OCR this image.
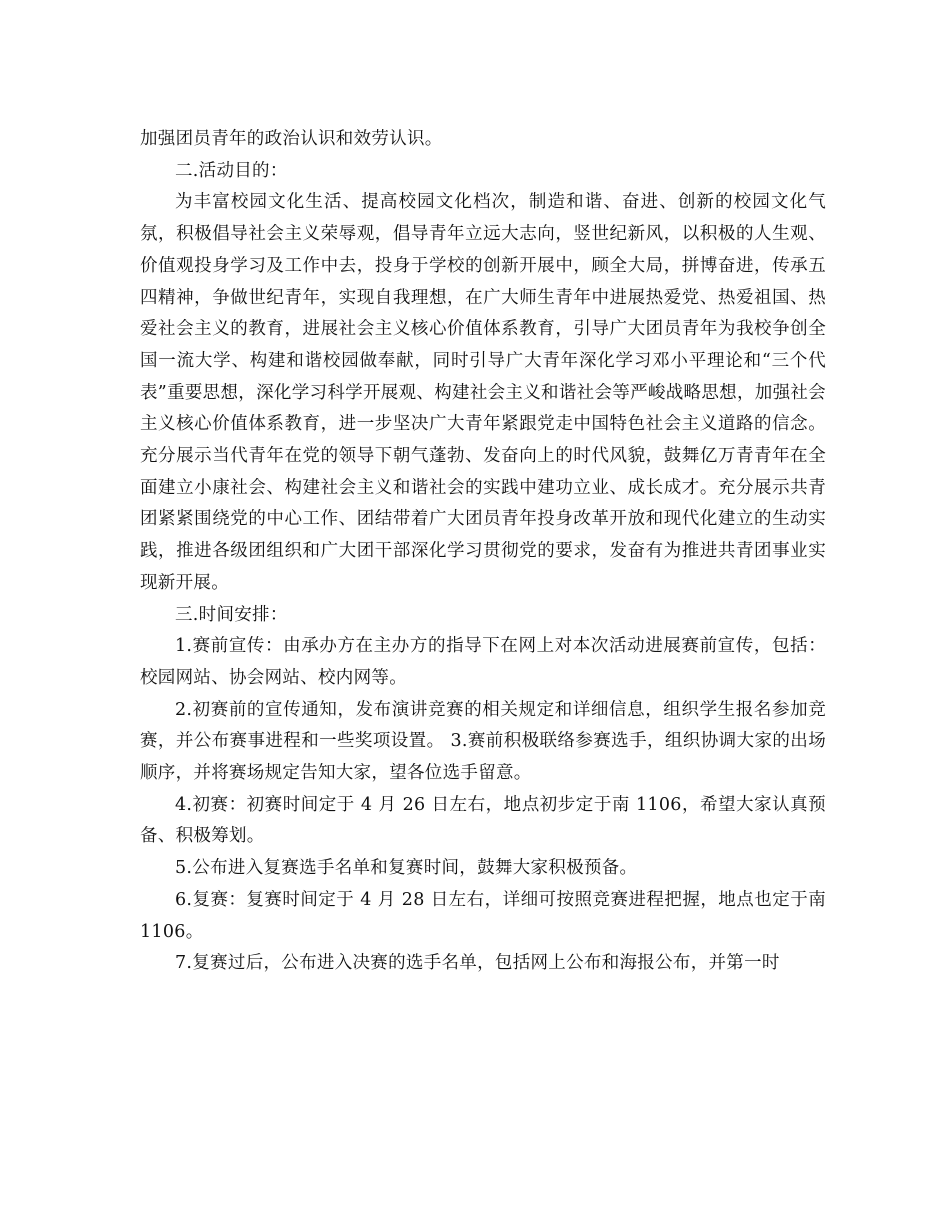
加强团员青年的政治认识和效劳认识。

二.活动目的：

为丰富校园文化生活、提高校园文化档次，制造和谐、奋进、创新的校园文化气氛，积极倡导社会主义荣辱观，倡导青年立远大志向，竖世纪新风，以积极的人生观、价值观投身学习及工作中去，投身于学校的创新开展中，顾全大局，拼博奋进，传承五四精神，争做世纪青年，实现自我理想，在广大师生青年中进展热爱党、热爱祖国、热爱社会主义的教育，进展社会主义核心价值体系教育，引导广大团员青年为我校争创全国一流大学、构建和谐校园做奉献，同时引导广大青年深化学习邓小平理论和“三个代表”重要思想，深化学习科学开展观、构建社会主义和谐社会等严峻战略思想，加强社会主义核心价值体系教育，进一步坚决广大青年紧跟党走中国特色社会主义道路的信念。充分展示当代青年在党的领导下朝气蓬勃、发奋向上的时代风貌，鼓舞亿万青青年在全面建立小康社会、构建社会主义和谐社会的实践中建功立业、成长成才。充分展示共青团紧紧围绕党的中心工作、团结带着广大团员青年投身改革开放和现代化建立的生动实践，推进各级团组织和广大团干部深化学习贯彻党的要求，发奋有为推进共青团事业实现新开展。

三.时间安排：

1.赛前宣传：由承办方在主办方的指导下在网上对本次活动进展赛前宣传，包括：校园网站、协会网站、校内网等。

2.初赛前的宣传通知，发布演讲竞赛的相关规定和详细信息，组织学生报名参加竞赛，并公布赛事进程和一些奖项设置。 3.赛前积极联络参赛选手，组织协调大家的出场顺序，并将赛场规定告知大家，望各位选手留意。

4.初赛：初赛时间定于 4 月 26 日左右，地点初步定于南 1106，希望大家认真预备、积极筹划。

5.公布进入复赛选手名单和复赛时间，鼓舞大家积极预备。

6.复赛：复赛时间定于 4 月 28 日左右，详细可按照竞赛进程把握，地点也定于南 1106。

7.复赛过后，公布进入决赛的选手名单，包括网上公布和海报公布，并第一时
